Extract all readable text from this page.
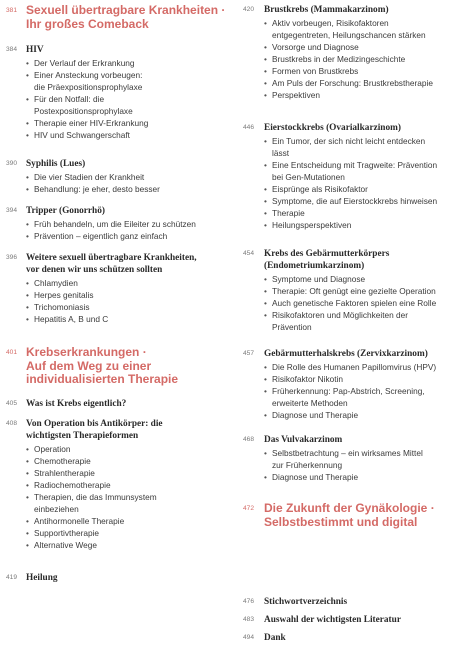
381 Sexuell übertragbare Krankheiten ·
Ihr großes Comeback
384 HIV
• Der Verlauf der Erkrankung
• Einer Ansteckung vorbeugen:
die Präexpositionsprophylaxe
• Für den Notfall: die
Postexpositionsprophylaxe
• Therapie einer HIV-Erkrankung
• HIV und Schwangerschaft
390 Syphilis (Lues)
• Die vier Stadien der Krankheit
• Behandlung: je eher, desto besser
394 Tripper (Gonorrhö)
• Früh behandeln, um die Eileiter zu schützen
• Prävention – eigentlich ganz einfach
396 Weitere sexuell übertragbare Krankheiten,
vor denen wir uns schützen sollten
• Chlamydien
• Herpes genitalis
• Trichomoniasis
• Hepatitis A, B und C
401 Krebserkrankungen ·
Auf dem Weg zu einer
individualisierten Therapie
405 Was ist Krebs eigentlich?
408 Von Operation bis Antikörper: die
wichtigsten Therapieformen
• Operation
• Chemotherapie
• Strahlentherapie
• Radiochemotherapie
• Therapien, die das Immunsystem
einbeziehen
• Antihormonelle Therapie
• Supportivtherapie
• Alternative Wege
419 Heilung
420 Brustkrebs (Mammakarzinom)
• Aktiv vorbeugen, Risikofaktoren
entgegentreten, Heilungschancen stärken
• Vorsorge und Diagnose
• Brustkrebs in der Medizingeschichte
• Formen von Brustkrebs
• Am Puls der Forschung: Brustkrebstherapie
• Perspektiven
446 Eierstockkrebs (Ovarialkarzinom)
• Ein Tumor, der sich nicht leicht entdecken
lässt
• Eine Entscheidung mit Tragweite: Prävention
bei Gen-Mutationen
• Eisprünge als Risikofaktor
• Symptome, die auf Eierstockkrebs hinweisen
• Therapie
• Heilungsperspektiven
454 Krebs des Gebärmutterkörpers
(Endometriumkarzinom)
• Symptome und Diagnose
• Therapie: Oft genügt eine gezielte Operation
• Auch genetische Faktoren spielen eine Rolle
• Risikofaktoren und Möglichkeiten der
Prävention
457 Gebärmutterhalskrebs (Zervixkarzinom)
• Die Rolle des Humanen Papillomvirus (HPV)
• Risikofaktor Nikotin
• Früherkennung: Pap-Abstrich, Screening,
erweiterte Methoden
• Diagnose und Therapie
468 Das Vulvakarzinom
• Selbstbetrachtung – ein wirksames Mittel
zur Früherkennung
• Diagnose und Therapie
472 Die Zukunft der Gynäkologie ·
Selbstbestimmt und digital
476 Stichwortverzeichnis
483 Auswahl der wichtigsten Literatur
494 Dank
